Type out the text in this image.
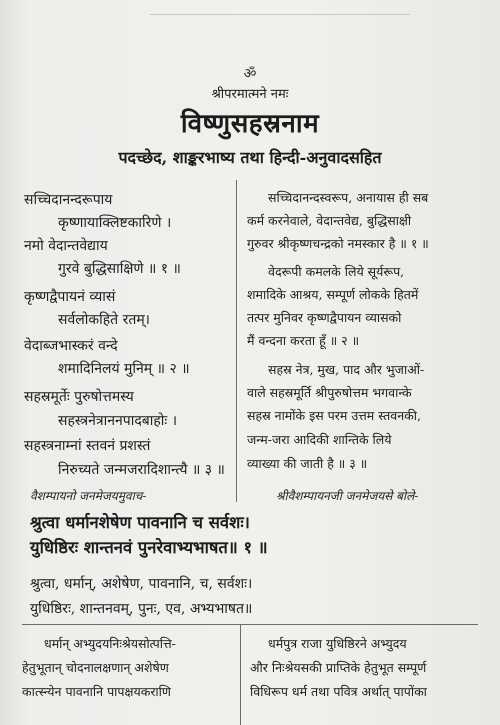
ॐ
श्रीपरमात्मने नमः
विष्णुसहस्रनाम
पदच्छेद, शाङ्करभाष्य तथा हिन्दी-अनुवादसहित
सच्चिदानन्दरूपाय
कृष्णायाक्लिष्टकारिणे ।
नमो वेदान्तवेद्याय
गुरवे बुद्धिसाक्षिणे ॥ १ ॥
कृष्णद्वैपायनं व्यासं
सर्वलोकहिते रतम्।
वेदाब्जभास्करं वन्दे
शमादिनिलयं मुनिम् ॥ २ ॥
सहस्रमूर्तेः पुरुषोत्तमस्य
सहस्त्रनेत्राननपादबाहोः ।
सहस्त्रनाम्नां स्तवनं प्रशस्तं
निरुच्यते जन्मजरादिशान्त्यै ॥ ३ ॥
सच्चिदानन्दस्वरूप, अनायास ही सब
कर्म करनेवाले, वेदान्तवेद्य, बुद्धिसाक्षी
गुरुवर श्रीकृष्णचन्द्रको नमस्कार है ॥ १ ॥
वेदरूपी कमलके लिये सूर्यरूप,
शमादिके आश्रय, सम्पूर्ण लोकके हितमें
तत्पर मुनिवर कृष्णद्वैपायन व्यासको
मैं वन्दना करता हूँ ॥ २ ॥
सहस्र नेत्र, मुख, पाद और भुजाओं-
वाले सहस्रमूर्ति श्रीपुरुषोत्तम भगवान्के
सहस्र नामोंके इस परम उत्तम स्तवनकी,
जन्म-जरा आदिकी शान्तिके लिये
व्याख्या की जाती है ॥ ३ ॥
वैशम्पायनो जनमेजयमुवाच-	श्रीवैशम्पायनजी जनमेजयसे बोले-
श्रुत्वा धर्मानशेषेण पावनानि च सर्वशः।
युधिष्ठिरः शान्तनवं पुनरेवाभ्यभाषत॥ १ ॥
श्रुत्वा, धर्मान्, अशेषेण, पावनानि, च, सर्वशः।
युधिष्ठिरः, शान्तनवम्, पुनः, एव, अभ्यभाषत॥
धर्मान् अभ्युदयनिःश्रेयसोत्पत्ति-
हेतुभूतान् चोदनालक्षणान् अशेषेण
कात्स्न्येन पावनानि पापक्षयकराणि
धर्मपुत्र राजा युधिष्ठिरने अभ्युदय
और निःश्रेयसकी प्राप्तिके हेतुभूत सम्पूर्ण
विधिरूप धर्म तथा पवित्र अर्थात् पापोंका
